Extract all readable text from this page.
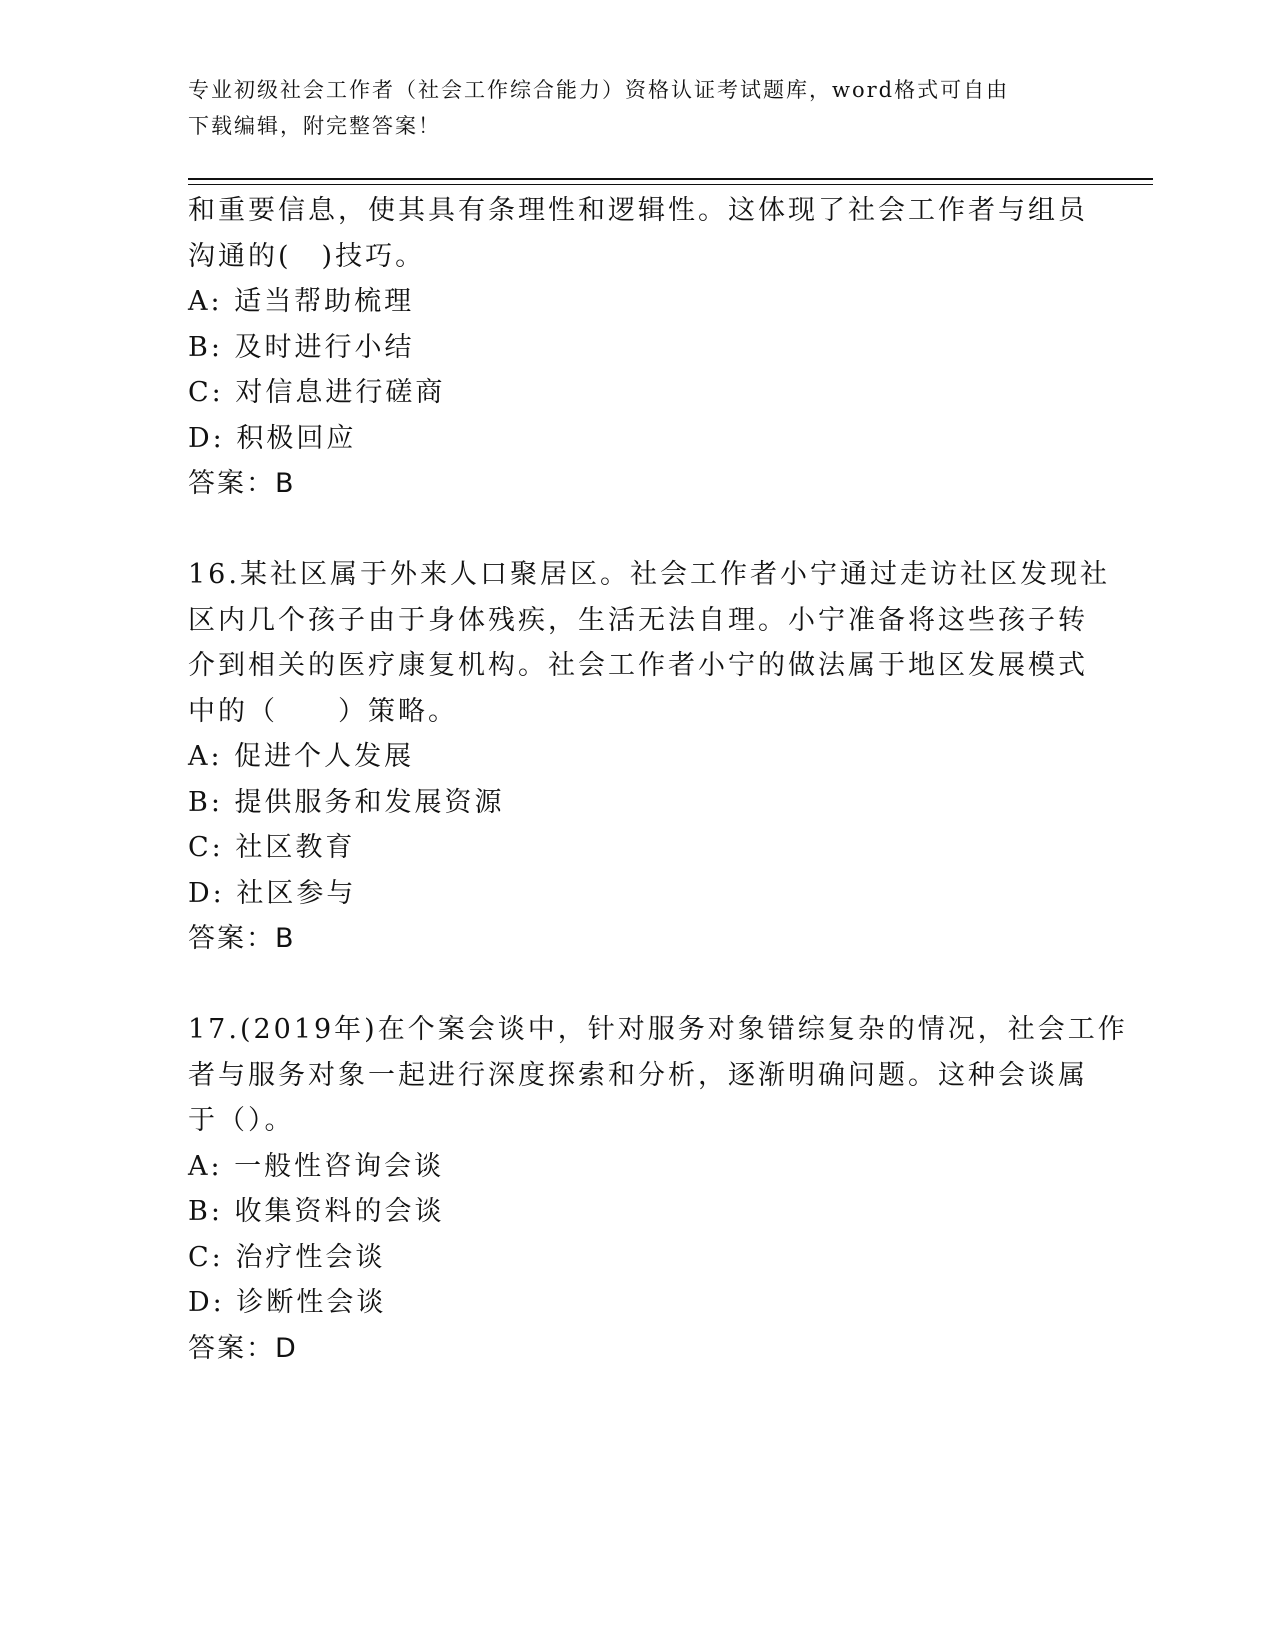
专业初级社会工作者（社会工作综合能力）资格认证考试题库，word格式可自由
下载编辑，附完整答案！
和重要信息，使其具有条理性和逻辑性。这体现了社会工作者与组员
沟通的(　)技巧。
A: 适当帮助梳理
B: 及时进行小结
C: 对信息进行磋商
D: 积极回应
答案：B
16.某社区属于外来人口聚居区。社会工作者小宁通过走访社区发现社
区内几个孩子由于身体残疾，生活无法自理。小宁准备将这些孩子转
介到相关的医疗康复机构。社会工作者小宁的做法属于地区发展模式
中的（　　）策略。
A: 促进个人发展
B: 提供服务和发展资源
C: 社区教育
D: 社区参与
答案：B
17.(2019年)在个案会谈中，针对服务对象错综复杂的情况，社会工作
者与服务对象一起进行深度探索和分析，逐渐明确问题。这种会谈属
于（）。
A: 一般性咨询会谈
B: 收集资料的会谈
C: 治疗性会谈
D: 诊断性会谈
答案：D
